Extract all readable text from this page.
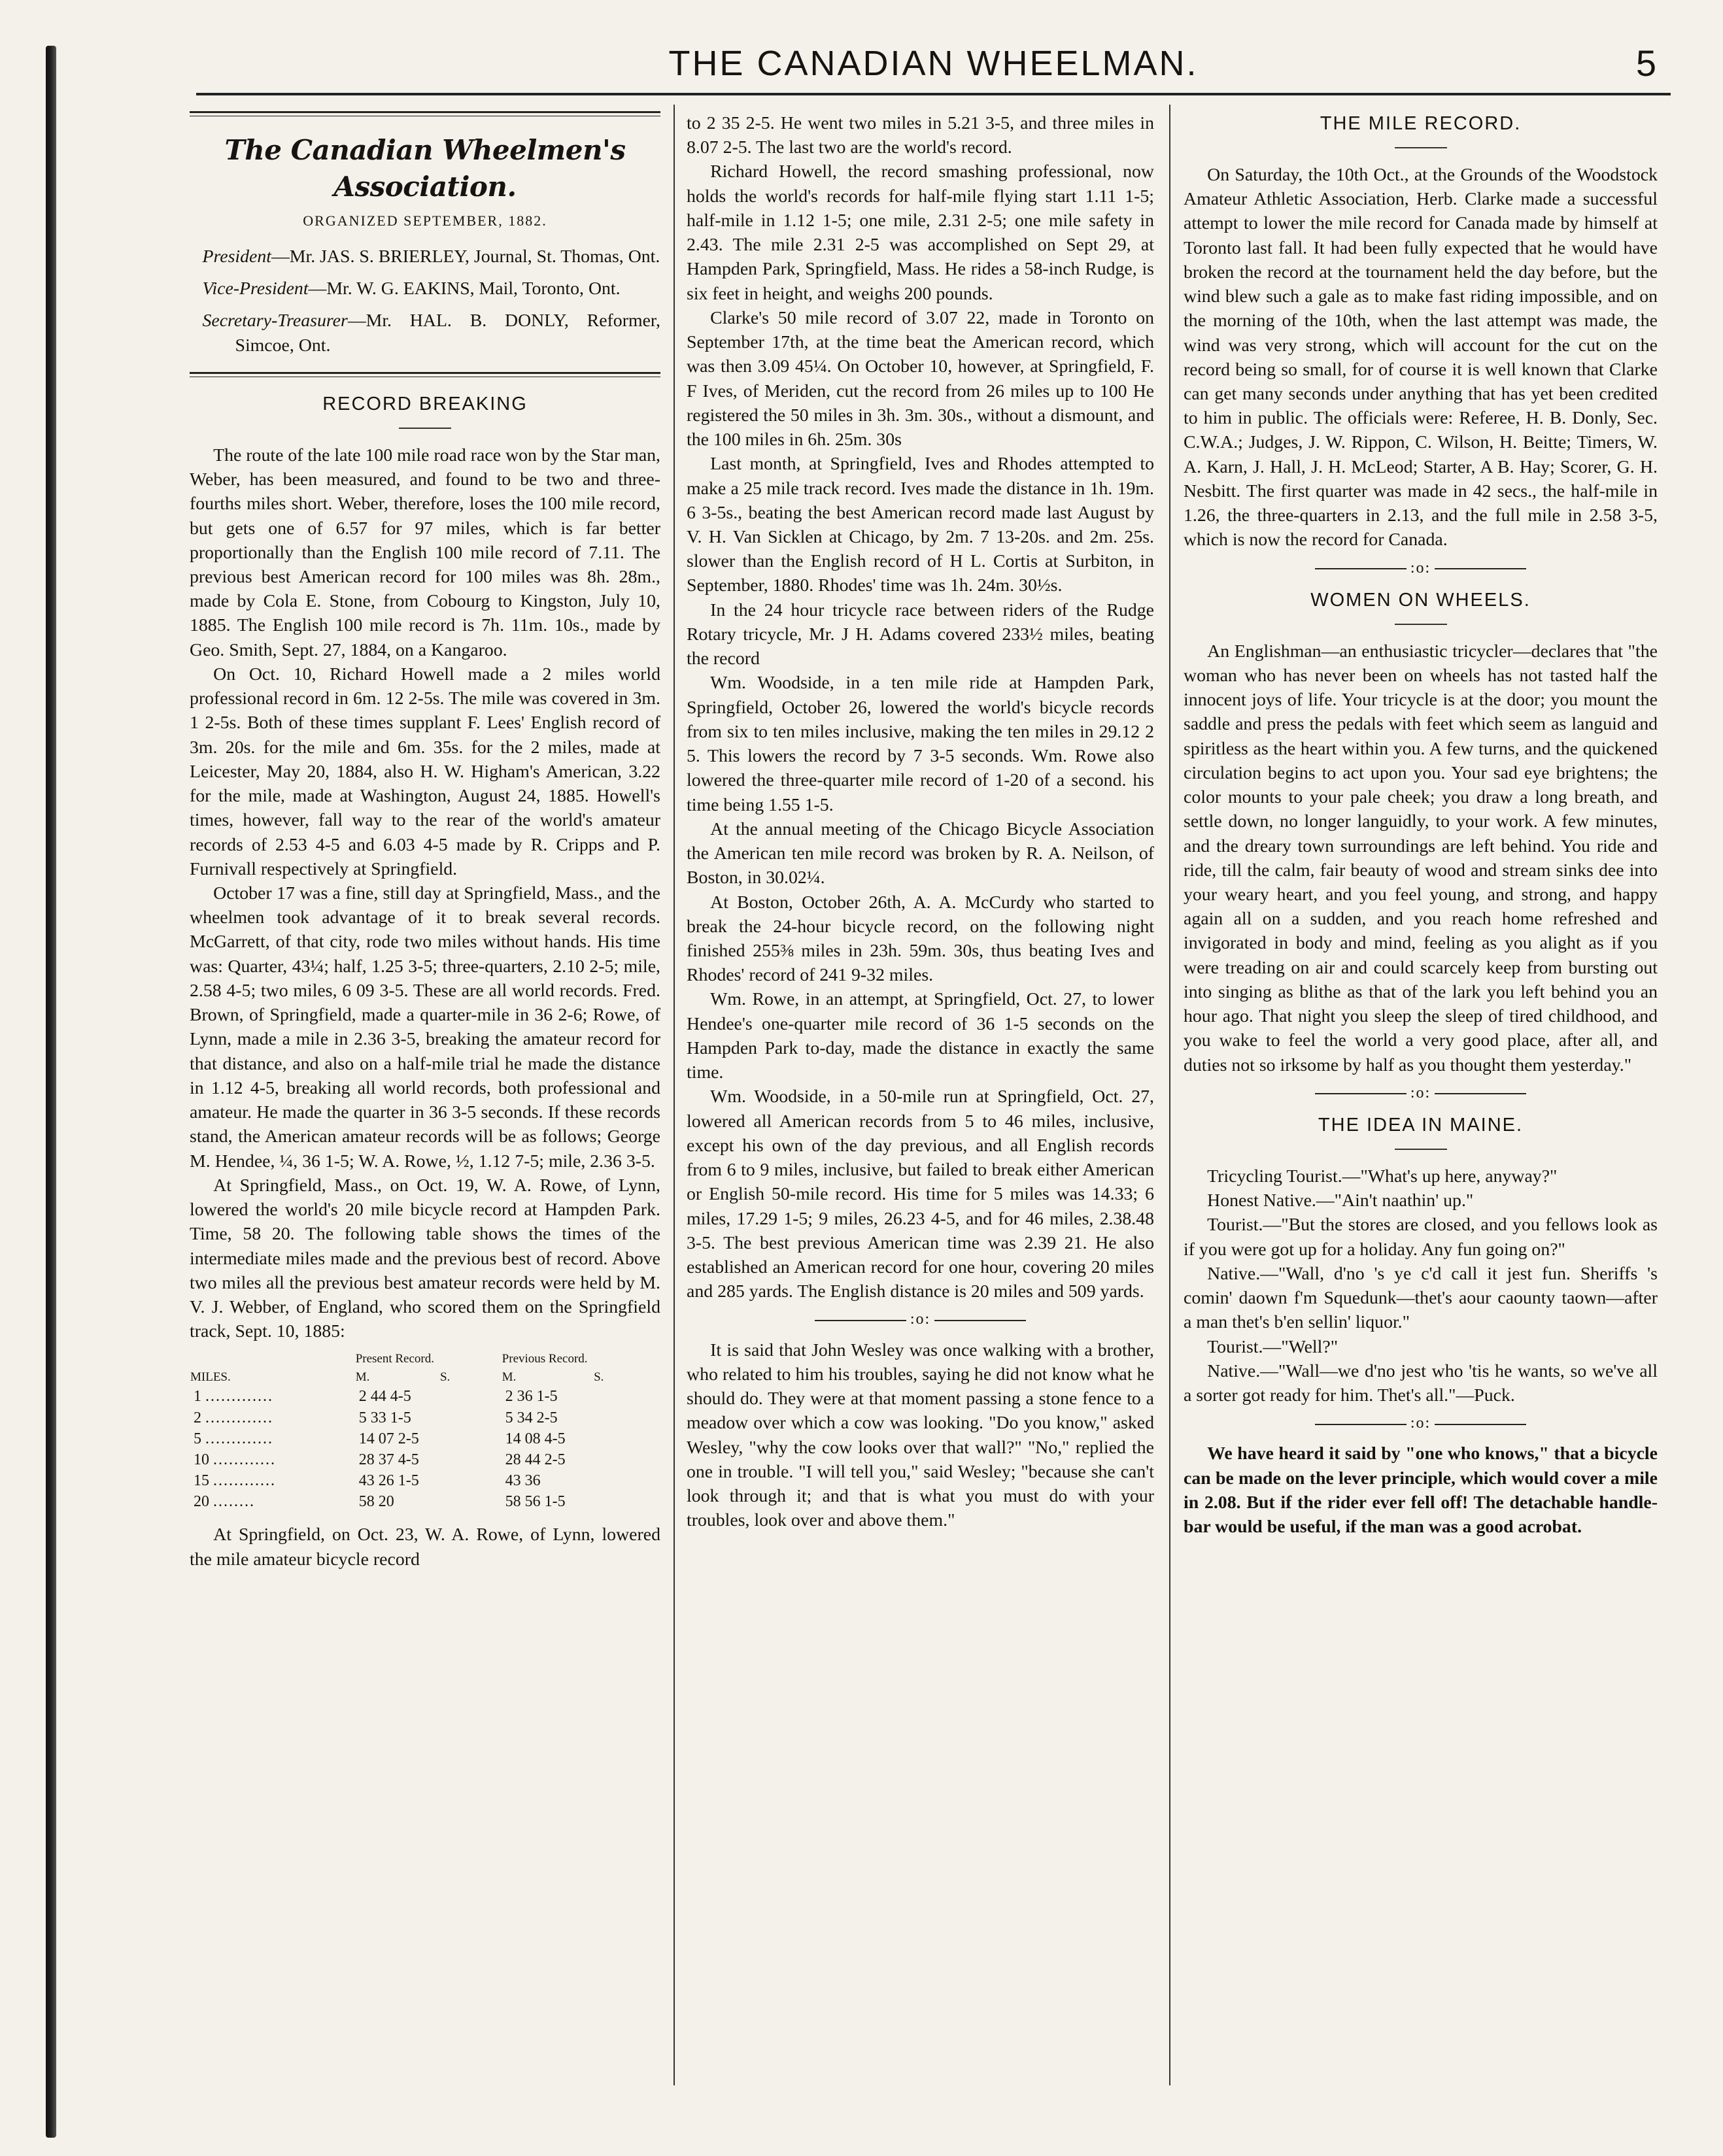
THE CANADIAN WHEELMAN.	5
The Canadian Wheelmen's Association.
ORGANIZED SEPTEMBER, 1882.

President—Mr. JAS. S. BRIERLEY, Journal, St. Thomas, Ont.

Vice-President—Mr. W. G. EAKINS, Mail, Toronto, Ont.

Secretary-Treasurer—Mr. HAL. B. DONLY, Reformer, Simcoe, Ont.

RECORD BREAKING

The route of the late 100 mile road race won by the Star man, Weber, has been measured, and found to be two and three-fourths miles short. Weber, therefore, loses the 100 mile record, but gets one of 6.57 for 97 miles, which is far better proportionally than the English 100 mile record of 7.11. The previous best American record for 100 miles was 8h. 28m., made by Cola E. Stone, from Cobourg to Kingston, July 10, 1885. The English 100 mile record is 7h. 11m. 10s., made by Geo. Smith, Sept. 27, 1884, on a Kangaroo.

On Oct. 10, Richard Howell made a 2 miles world professional record in 6m. 12 2-5s. The mile was covered in 3m. 1 2-5s. Both of these times supplant F. Lees' English record of 3m. 20s. for the mile and 6m. 35s. for the 2 miles, made at Leicester, May 20, 1884, also H. W. Higham's American, 3.22 for the mile, made at Washington, August 24, 1885. Howell's times, however, fall way to the rear of the world's amateur records of 2.53 4-5 and 6.03 4-5 made by R. Cripps and P. Furnivall respectively at Springfield.

October 17 was a fine, still day at Springfield, Mass., and the wheelmen took advantage of it to break several records. McGarrett, of that city, rode two miles without hands. His time was: Quarter, 43¼; half, 1.25 3-5; three-quarters, 2.10 2-5; mile, 2.58 4-5; two miles, 6 09 3-5. These are all world records. Fred. Brown, of Springfield, made a quarter-mile in 36 2-6; Rowe, of Lynn, made a mile in 2.36 3-5, breaking the amateur record for that distance, and also on a half-mile trial he made the distance in 1.12 4-5, breaking all world records, both professional and amateur. He made the quarter in 36 3-5 seconds. If these records stand, the American amateur records will be as follows; George M. Hendee, ¼, 36 1-5; W. A. Rowe, ½, 1.12 7-5; mile, 2.36 3-5.

At Springfield, Mass., on Oct. 19, W. A. Rowe, of Lynn, lowered the world's 20 mile bicycle record at Hampden Park. Time, 58 20. The following table shows the times of the intermediate miles made and the previous best of record. Above two miles all the previous best amateur records were held by M. V. J. Webber, of England, who scored them on the Springfield track, Sept. 10, 1885:

	Present Record.		Previous Record.	
MILES.	M.	S.	M.	S.
1 .............	2 44 4-5		2 36 1-5	
2 .............	5 33 1-5		5 34 2-5	
5 .............	14 07 2-5		14 08 4-5	
10 ............	28 37 4-5		28 44 2-5	
15 ............	43 26 1-5		43 36	
20 ........	58 20		58 56 1-5	

At Springfield, on Oct. 23, W. A. Rowe, of Lynn, lowered the mile amateur bicycle record

to 2 35 2-5. He went two miles in 5.21 3-5, and three miles in 8.07 2-5. The last two are the world's record.

Richard Howell, the record smashing professional, now holds the world's records for half-mile flying start 1.11 1-5; half-mile in 1.12 1-5; one mile, 2.31 2-5; one mile safety in 2.43. The mile 2.31 2-5 was accomplished on Sept 29, at Hampden Park, Springfield, Mass. He rides a 58-inch Rudge, is six feet in height, and weighs 200 pounds.

Clarke's 50 mile record of 3.07 22, made in Toronto on September 17th, at the time beat the American record, which was then 3.09 45¼. On October 10, however, at Springfield, F. F Ives, of Meriden, cut the record from 26 miles up to 100 He registered the 50 miles in 3h. 3m. 30s., without a dismount, and the 100 miles in 6h. 25m. 30s

Last month, at Springfield, Ives and Rhodes attempted to make a 25 mile track record. Ives made the distance in 1h. 19m. 6 3-5s., beating the best American record made last August by V. H. Van Sicklen at Chicago, by 2m. 7 13-20s. and 2m. 25s. slower than the English record of H L. Cortis at Surbiton, in September, 1880. Rhodes' time was 1h. 24m. 30½s.

In the 24 hour tricycle race between riders of the Rudge Rotary tricycle, Mr. J H. Adams covered 233½ miles, beating the record

Wm. Woodside, in a ten mile ride at Hampden Park, Springfield, October 26, lowered the world's bicycle records from six to ten miles inclusive, making the ten miles in 29.12 2 5. This lowers the record by 7 3-5 seconds. Wm. Rowe also lowered the three-quarter mile record of 1-20 of a second. his time being 1.55 1-5.

At the annual meeting of the Chicago Bicycle Association the American ten mile record was broken by R. A. Neilson, of Boston, in 30.02¼.

At Boston, October 26th, A. A. McCurdy who started to break the 24-hour bicycle record, on the following night finished 255⅜ miles in 23h. 59m. 30s, thus beating Ives and Rhodes' record of 241 9-32 miles.

Wm. Rowe, in an attempt, at Springfield, Oct. 27, to lower Hendee's one-quarter mile record of 36 1-5 seconds on the Hampden Park to-day, made the distance in exactly the same time.

Wm. Woodside, in a 50-mile run at Springfield, Oct. 27, lowered all American records from 5 to 46 miles, inclusive, except his own of the day previous, and all English records from 6 to 9 miles, inclusive, but failed to break either American or English 50-mile record. His time for 5 miles was 14.33; 6 miles, 17.29 1-5; 9 miles, 26.23 4-5, and for 46 miles, 2.38.48 3-5. The best previous American time was 2.39 21. He also established an American record for one hour, covering 20 miles and 285 yards. The English distance is 20 miles and 509 yards.

:o:

It is said that John Wesley was once walking with a brother, who related to him his troubles, saying he did not know what he should do. They were at that moment passing a stone fence to a meadow over which a cow was looking. "Do you know," asked Wesley, "why the cow looks over that wall?" "No," replied the one in trouble. "I will tell you," said Wesley; "because she can't look through it; and that is what you must do with your troubles, look over and above them."

THE MILE RECORD.

On Saturday, the 10th Oct., at the Grounds of the Woodstock Amateur Athletic Association, Herb. Clarke made a successful attempt to lower the mile record for Canada made by himself at Toronto last fall. It had been fully expected that he would have broken the record at the tournament held the day before, but the wind blew such a gale as to make fast riding impossible, and on the morning of the 10th, when the last attempt was made, the wind was very strong, which will account for the cut on the record being so small, for of course it is well known that Clarke can get many seconds under anything that has yet been credited to him in public. The officials were: Referee, H. B. Donly, Sec. C.W.A.; Judges, J. W. Rippon, C. Wilson, H. Beitte; Timers, W. A. Karn, J. Hall, J. H. McLeod; Starter, A B. Hay; Scorer, G. H. Nesbitt. The first quarter was made in 42 secs., the half-mile in 1.26, the three-quarters in 2.13, and the full mile in 2.58 3-5, which is now the record for Canada.

:o:
WOMEN ON WHEELS.

An Englishman—an enthusiastic tricycler—declares that "the woman who has never been on wheels has not tasted half the innocent joys of life. Your tricycle is at the door; you mount the saddle and press the pedals with feet which seem as languid and spiritless as the heart within you. A few turns, and the quickened circulation begins to act upon you. Your sad eye brightens; the color mounts to your pale cheek; you draw a long breath, and settle down, no longer languidly, to your work. A few minutes, and the dreary town surroundings are left behind. You ride and ride, till the calm, fair beauty of wood and stream sinks dee into your weary heart, and you feel young, and strong, and happy again all on a sudden, and you reach home refreshed and invigorated in body and mind, feeling as you alight as if you were treading on air and could scarcely keep from bursting out into singing as blithe as that of the lark you left behind you an hour ago. That night you sleep the sleep of tired childhood, and you wake to feel the world a very good place, after all, and duties not so irksome by half as you thought them yesterday."

:o:
THE IDEA IN MAINE.

Tricycling Tourist.—"What's up here, anyway?"

Honest Native.—"Ain't naathin' up."

Tourist.—"But the stores are closed, and you fellows look as if you were got up for a holiday. Any fun going on?"

Native.—"Wall, d'no 's ye c'd call it jest fun. Sheriffs 's comin' daown f'm Squedunk—thet's aour caounty taown—after a man thet's b'en sellin' liquor."

Tourist.—"Well?"

Native.—"Wall—we d'no jest who 'tis he wants, so we've all a sorter got ready for him. Thet's all."—Puck.

:o:

We have heard it said by "one who knows," that a bicycle can be made on the lever principle, which would cover a mile in 2.08. But if the rider ever fell off! The detachable handle-bar would be useful, if the man was a good acrobat.
